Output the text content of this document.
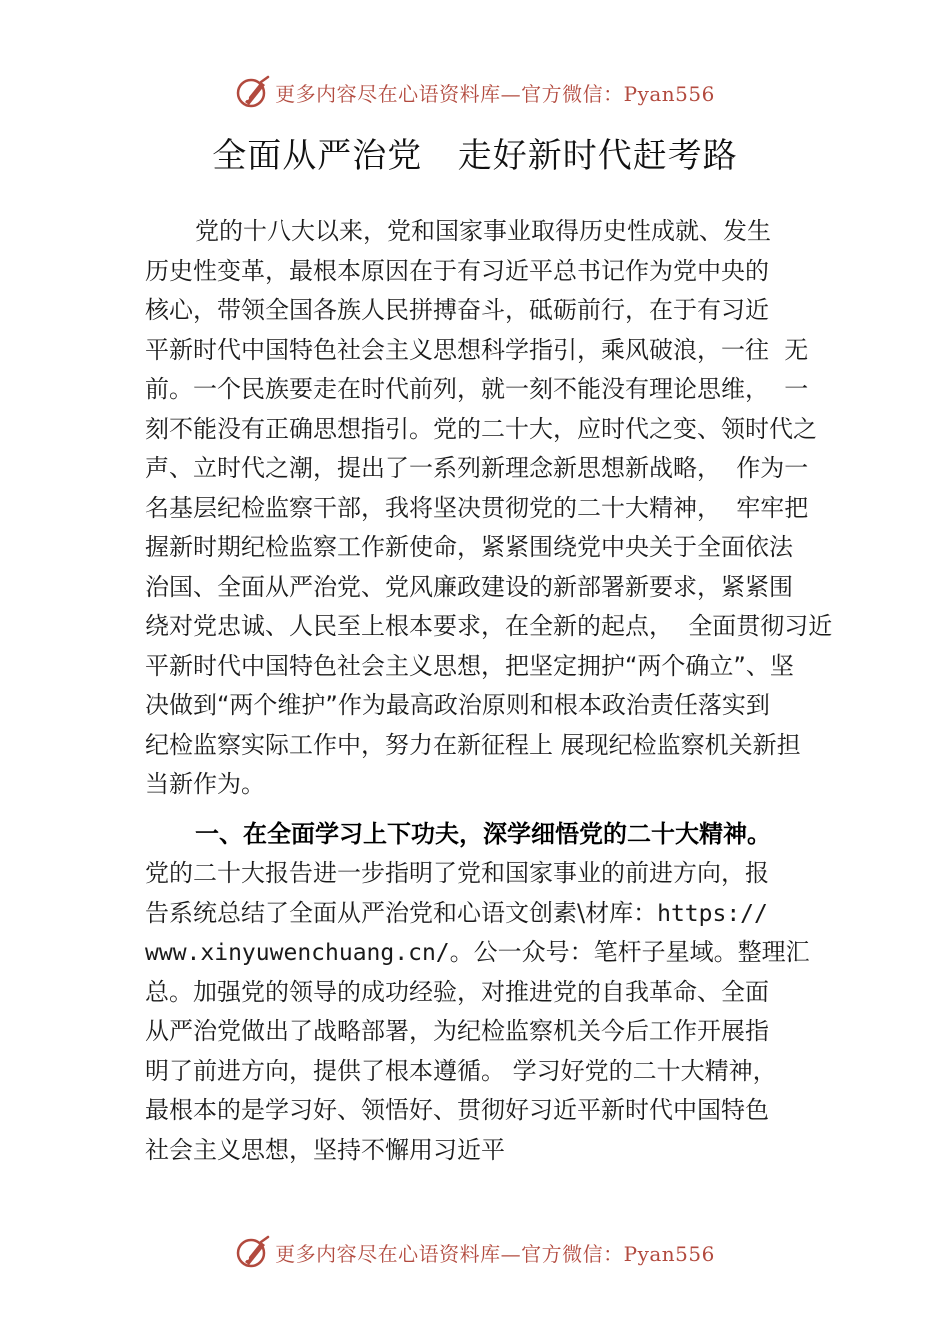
更多内容尽在心语资料库—官方微信：Pyan556
全面从严治党   走好新时代赶考路
党的十八大以来，党和国家事业取得历史性成就、发生
历史性变革，最根本原因在于有习近平总书记作为党中央的
核心，带领全国各族人民拼搏奋斗，砥砺前行，在于有习近
平新时代中国特色社会主义思想科学指引，乘风破浪，一往  无
前。一个民族要走在时代前列，就一刻不能没有理论思维，  一
刻不能没有正确思想指引。党的二十大，应时代之变、领时代之
声、立时代之潮，提出了一系列新理念新思想新战略，  作为一
名基层纪检监察干部，我将坚决贯彻党的二十大精神，  牢牢把
握新时期纪检监察工作新使命，紧紧围绕党中央关于全面依法
治国、全面从严治党、党风廉政建设的新部署新要求，紧紧围
绕对党忠诚、人民至上根本要求，在全新的起点，  全面贯彻习近
平新时代中国特色社会主义思想，把坚定拥护“两个确立”、坚
决做到“两个维护”作为最高政治原则和根本政治责任落实到
纪检监察实际工作中，努力在新征程上 展现纪检监察机关新担
当新作为。
一、在全面学习上下功夫，深学细悟党的二十大精神。
党的二十大报告进一步指明了党和国家事业的前进方向，报
告系统总结了全面从严治党和心语文创素\材库：https://
www.xinyuwenchuang.cn/。公一众号：笔杆子星域。整理汇
总。加强党的领导的成功经验，对推进党的自我革命、全面
从严治党做出了战略部署，为纪检监察机关今后工作开展指
明了前进方向，提供了根本遵循。 学习好党的二十大精神，
最根本的是学习好、领悟好、贯彻好习近平新时代中国特色
社会主义思想，坚持不懈用习近平
更多内容尽在心语资料库—官方微信：Pyan556
